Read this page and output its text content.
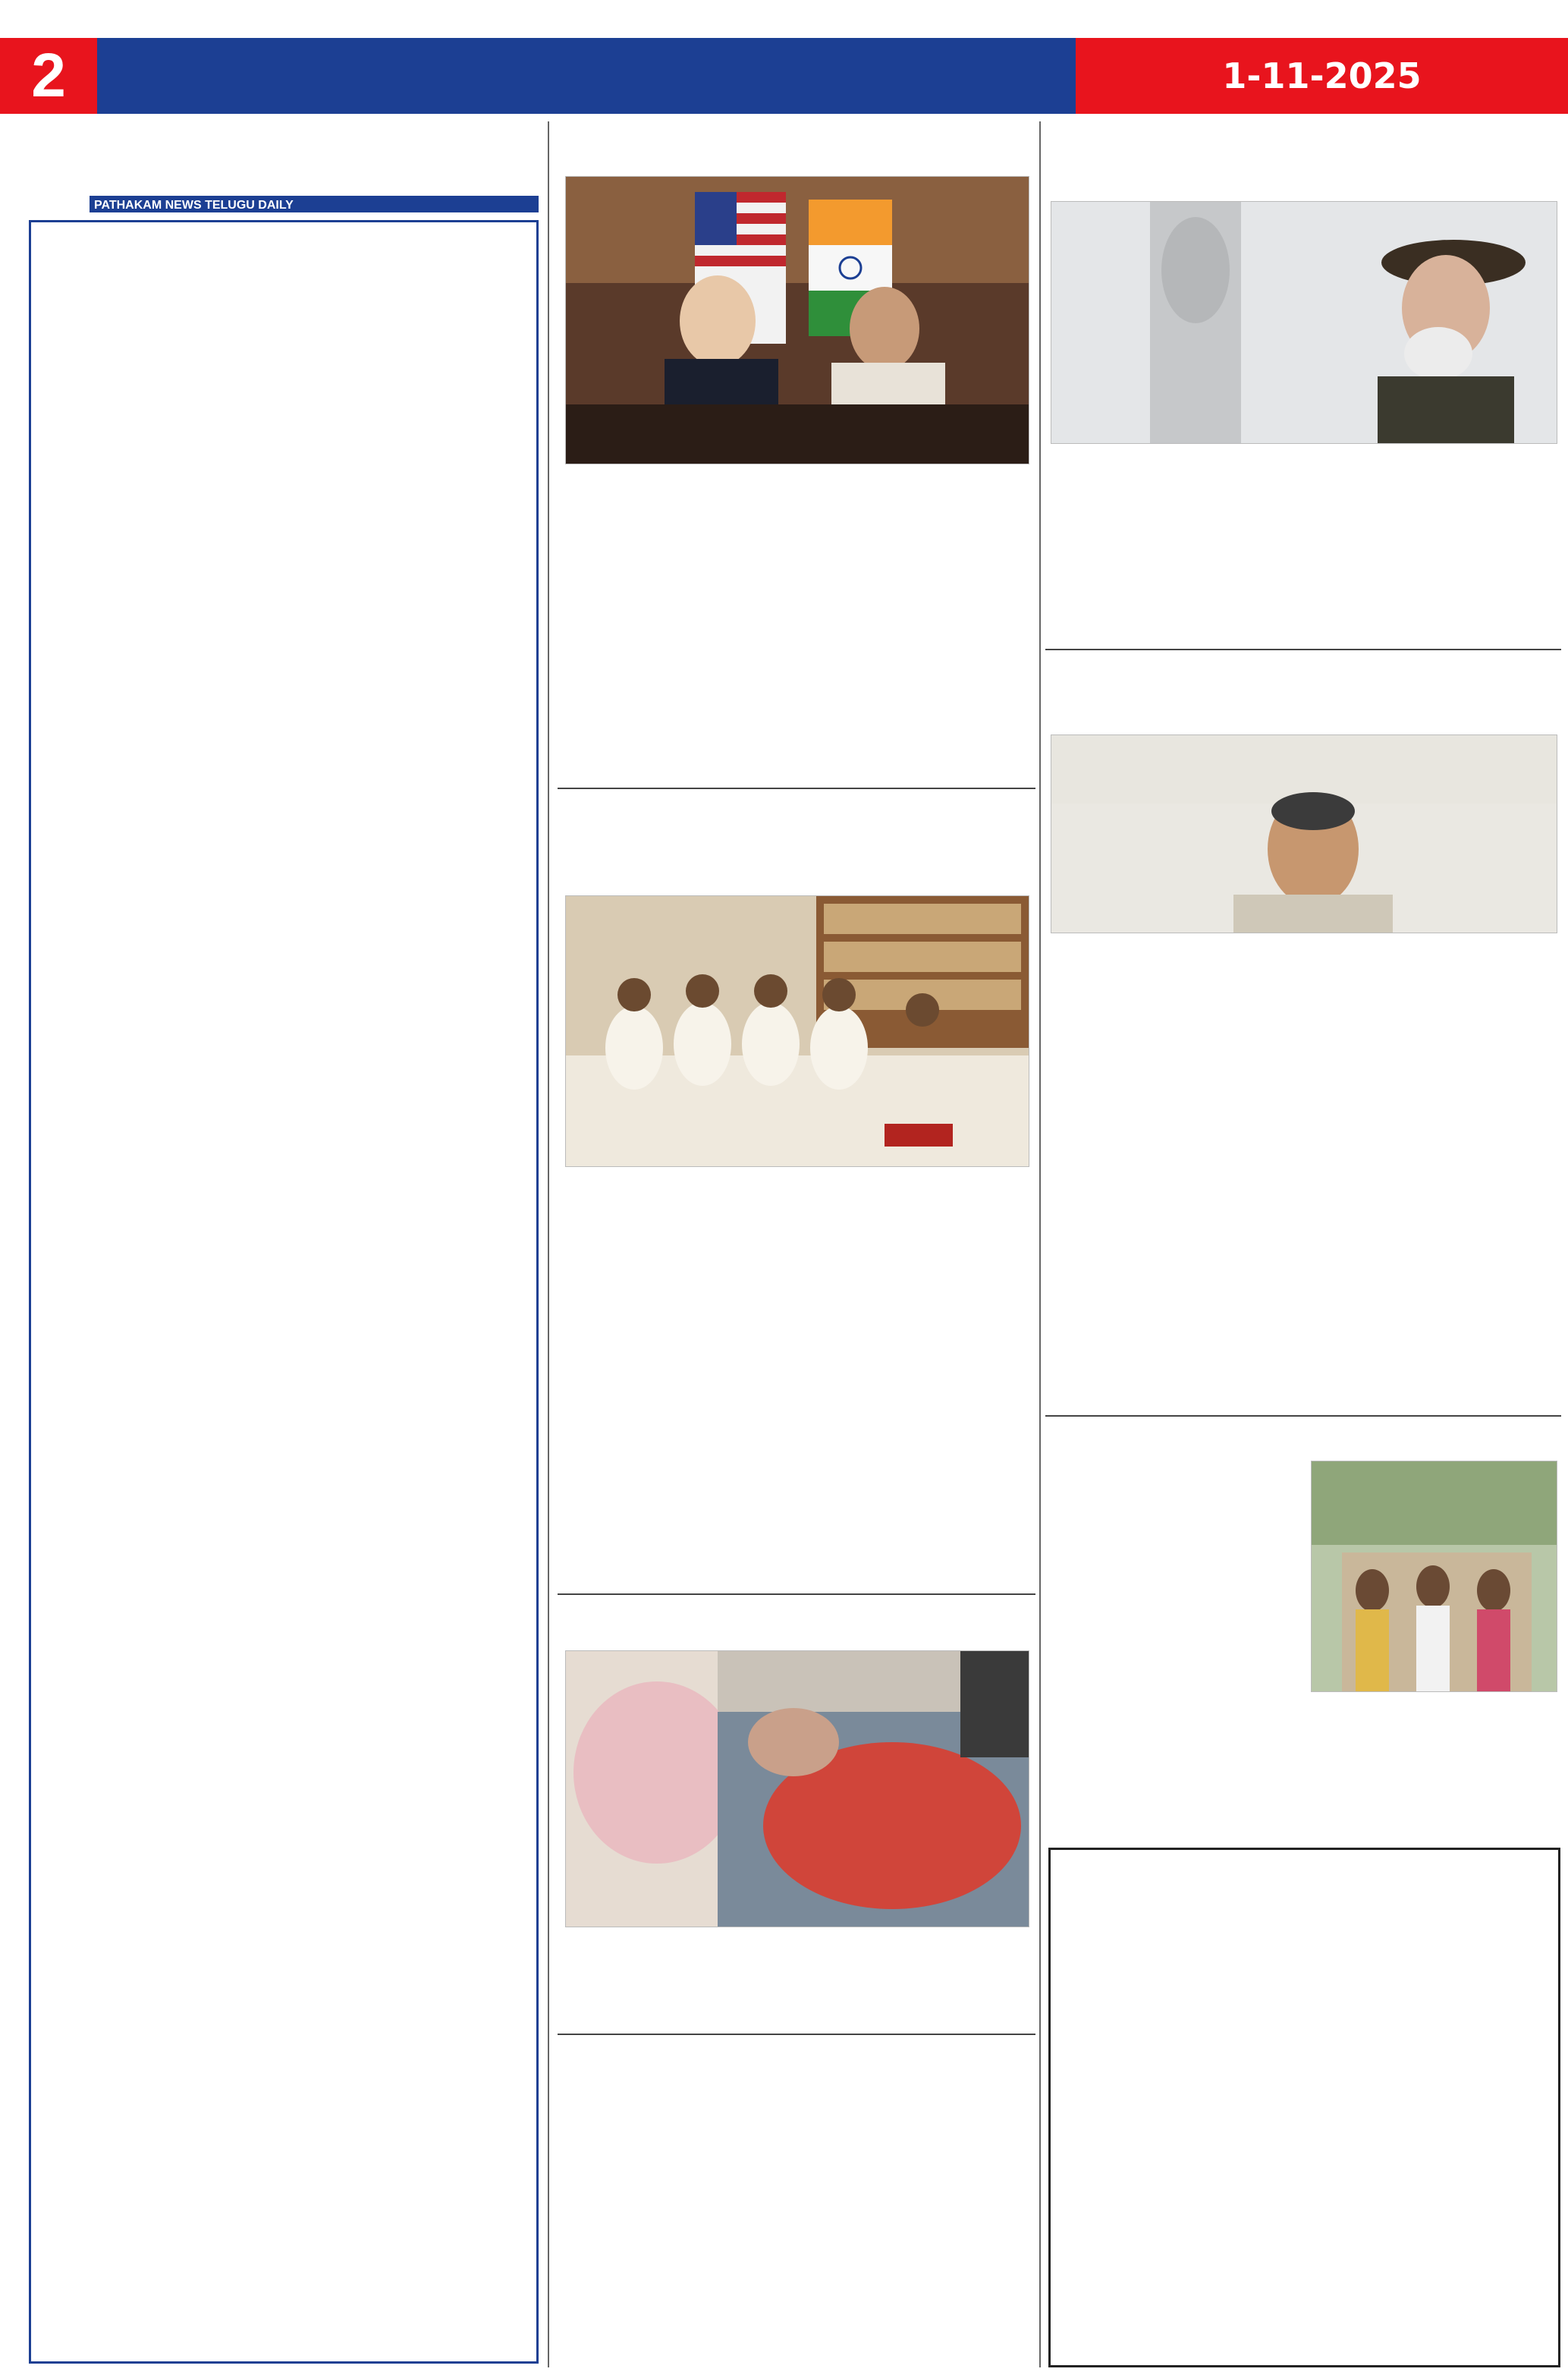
2	1-11-2025
PATHAKAM NEWS TELUGU DAILY
